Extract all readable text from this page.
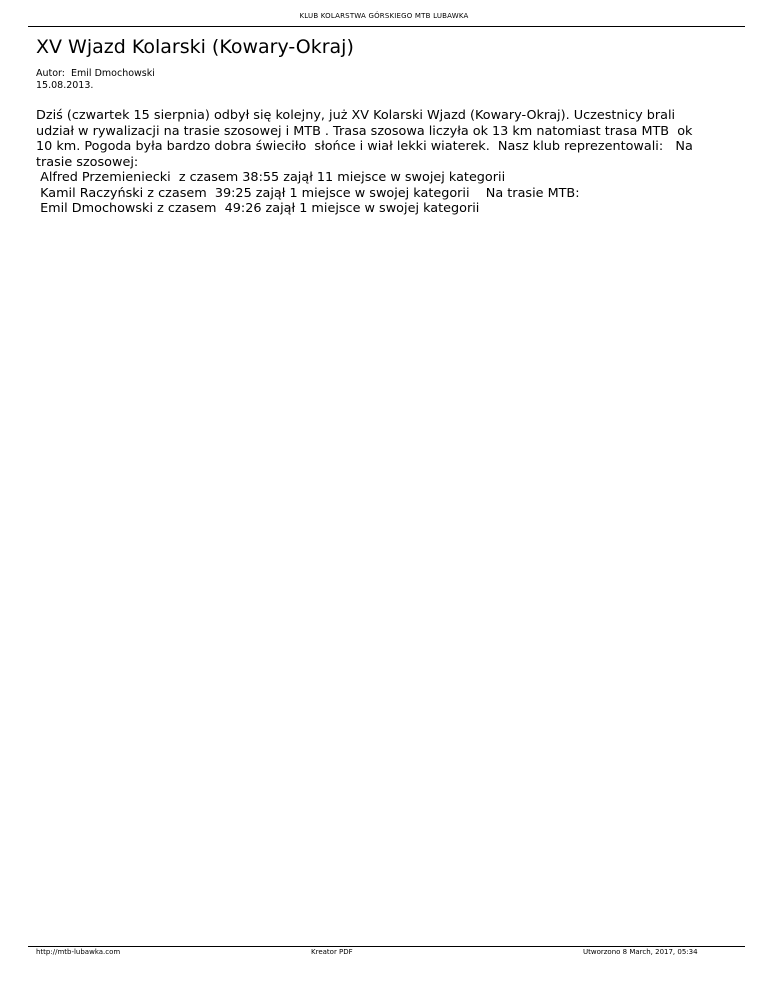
KLUB KOLARSTWA GÓRSKIEGO MTB LUBAWKA
XV Wjazd Kolarski (Kowary-Okraj)
Autor:  Emil Dmochowski
15.08.2013.

Dziś (czwartek 15 sierpnia) odbył się kolejny, już XV Kolarski Wjazd (Kowary-Okraj). Uczestnicy brali

udział w rywalizacji na trasie szosowej i MTB . Trasa szosowa liczyła ok 13 km natomiast trasa MTB  ok

10 km. Pogoda była bardzo dobra świeciło  słońce i wiał lekki wiaterek.  Nasz klub reprezentowali:   Na

trasie szosowej:

Alfred Przemieniecki  z czasem 38:55 zajął 11 miejsce w swojej kategorii

Kamil Raczyński z czasem  39:25 zajął 1 miejsce w swojej kategorii    Na trasie MTB:

Emil Dmochowski z czasem  49:26 zajął 1 miejsce w swojej kategorii

http://mtb-lubawka.com	Kreator PDF	Utworzono 8 March, 2017, 05:34
